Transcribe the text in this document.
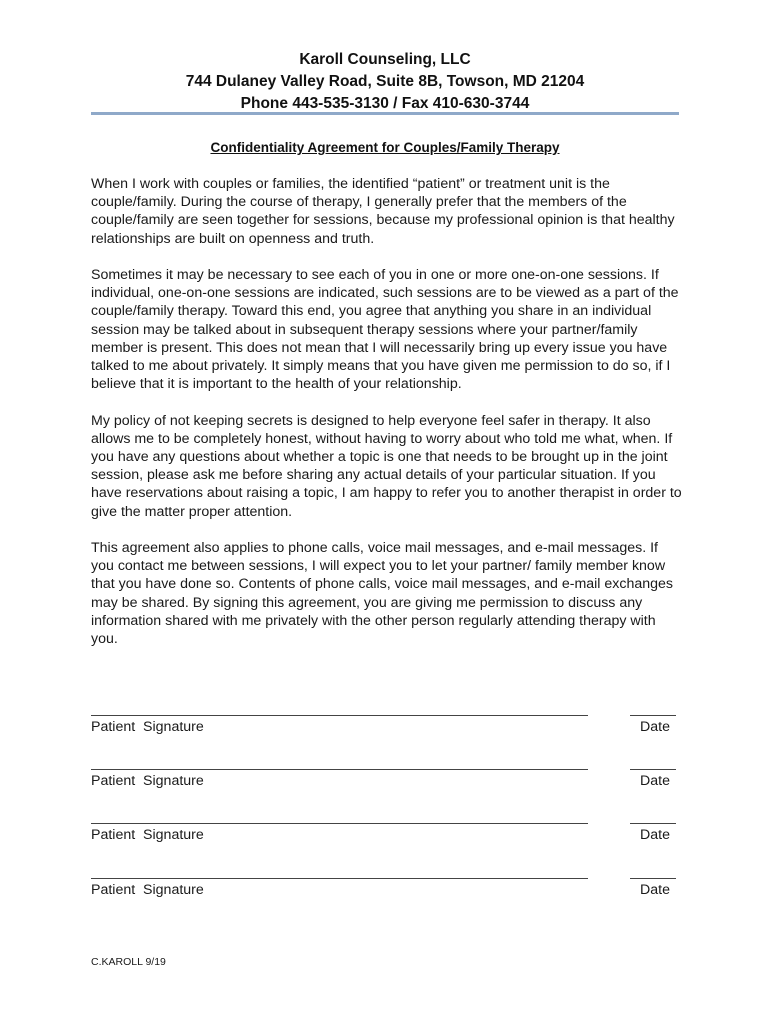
Karoll Counseling, LLC
744 Dulaney Valley Road, Suite 8B, Towson, MD 21204
Phone 443-535-3130 / Fax 410-630-3744
Confidentiality Agreement for Couples/Family Therapy

When I work with couples or families, the identified “patient” or treatment unit is the couple/family. During the course of therapy, I generally prefer that the members of the couple/family are seen together for sessions, because my professional opinion is that healthy relationships are built on openness and truth.

Sometimes it may be necessary to see each of you in one or more one-on-one sessions. If individual, one-on-one sessions are indicated, such sessions are to be viewed as a part of the couple/family therapy. Toward this end, you agree that anything you share in an individual session may be talked about in subsequent therapy sessions where your partner/family member is present. This does not mean that I will necessarily bring up every issue you have talked to me about privately. It simply means that you have given me permission to do so, if I believe that it is important to the health of your relationship.

My policy of not keeping secrets is designed to help everyone feel safer in therapy. It also allows me to be completely honest, without having to worry about who told me what, when. If you have any questions about whether a topic is one that needs to be brought up in the joint session, please ask me before sharing any actual details of your particular situation. If you have reservations about raising a topic, I am happy to refer you to another therapist in order to give the matter proper attention.

This agreement also applies to phone calls, voice mail messages, and e-mail messages. If you contact me between sessions, I will expect you to let your partner/ family member know that you have done so. Contents of phone calls, voice mail messages, and e-mail exchanges may be shared. By signing this agreement, you are giving me permission to discuss any information shared with me privately with the other person regularly attending therapy with you.

Patient  Signature	Date
Patient  Signature	Date
Patient  Signature	Date
Patient  Signature	Date
C.KAROLL 9/19
